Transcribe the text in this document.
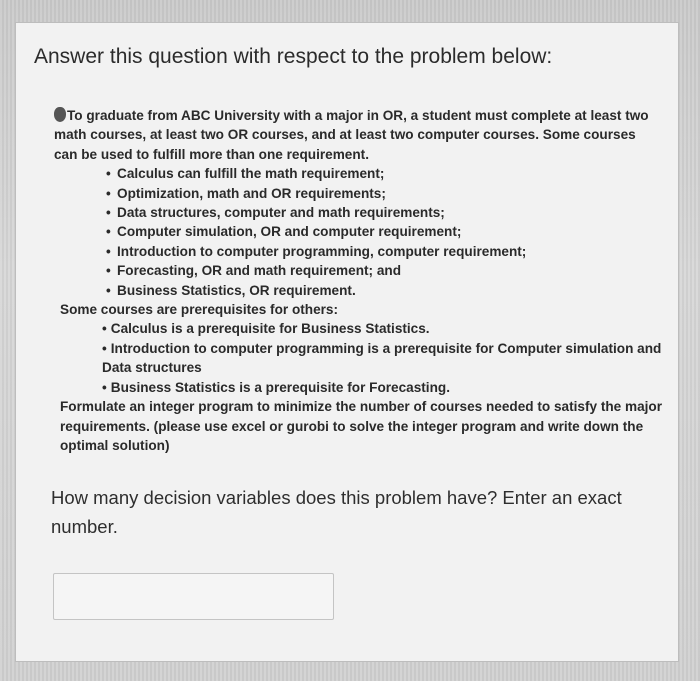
Answer this question with respect to the problem below:

To graduate from ABC University with a major in OR, a student must complete at least two math courses, at least two OR courses, and at least two computer courses. Some courses can be used to fulfill more than one requirement.

• Calculus can fulfill the math requirement;
• Optimization, math and OR requirements;
• Data structures, computer and math requirements;
• Computer simulation, OR and computer requirement;
• Introduction to computer programming, computer requirement;
• Forecasting, OR and math requirement; and
• Business Statistics, OR requirement.

Some courses are prerequisites for others:

• Calculus is a prerequisite for Business Statistics.
• Introduction to computer programming is a prerequisite for Computer simulation and Data structures
• Business Statistics is a prerequisite for Forecasting.

Formulate an integer program to minimize the number of courses needed to satisfy the major requirements. (please use excel or gurobi to solve the integer program and write down the optimal solution)

How many decision variables does this problem have? Enter an exact number.
